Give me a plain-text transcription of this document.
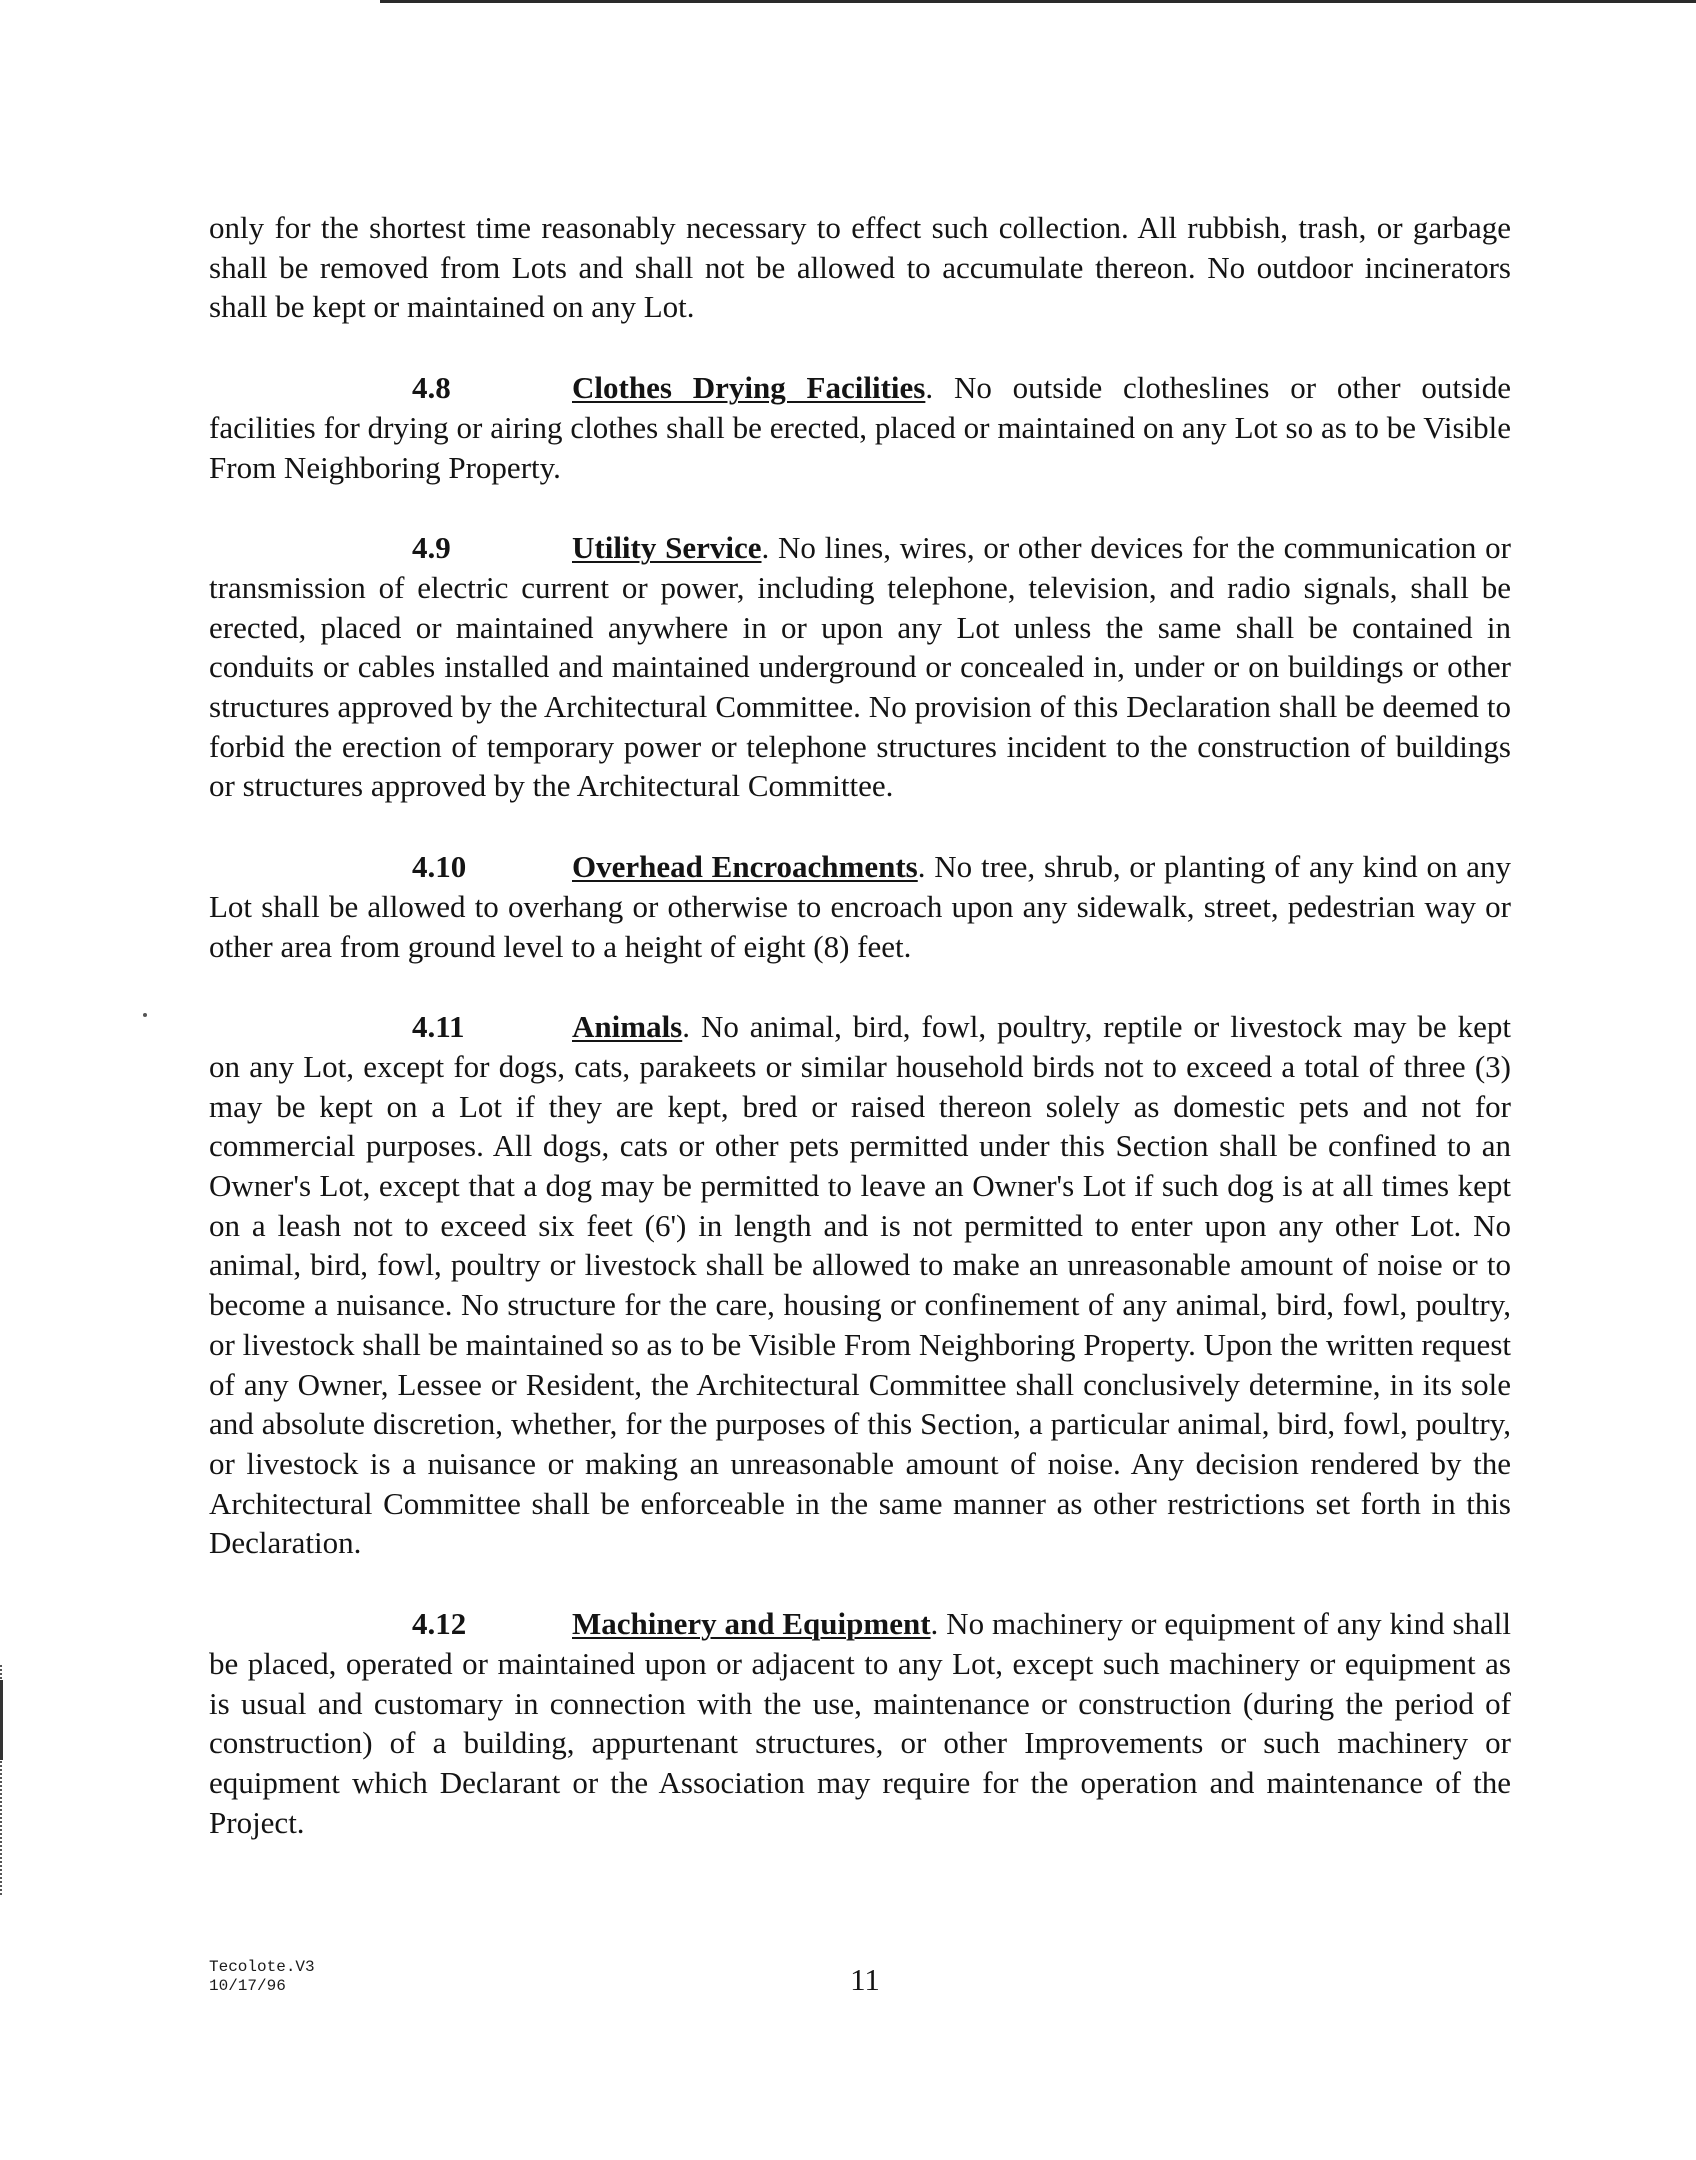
only for the shortest time reasonably necessary to effect such collection. All rubbish, trash, or garbage shall be removed from Lots and shall not be allowed to accumulate thereon. No outdoor incinerators shall be kept or maintained on any Lot.

4.8	Clothes Drying Facilities. No outside clotheslines or other outside facilities for drying or airing clothes shall be erected, placed or maintained on any Lot so as to be Visible From Neighboring Property.

4.9	Utility Service. No lines, wires, or other devices for the communication or transmission of electric current or power, including telephone, television, and radio signals, shall be erected, placed or maintained anywhere in or upon any Lot unless the same shall be contained in conduits or cables installed and maintained underground or concealed in, under or on buildings or other structures approved by the Architectural Committee. No provision of this Declaration shall be deemed to forbid the erection of temporary power or telephone structures incident to the construction of buildings or structures approved by the Architectural Committee.

4.10	Overhead Encroachments. No tree, shrub, or planting of any kind on any Lot shall be allowed to overhang or otherwise to encroach upon any sidewalk, street, pedestrian way or other area from ground level to a height of eight (8) feet.

4.11	Animals. No animal, bird, fowl, poultry, reptile or livestock may be kept on any Lot, except for dogs, cats, parakeets or similar household birds not to exceed a total of three (3) may be kept on a Lot if they are kept, bred or raised thereon solely as domestic pets and not for commercial purposes. All dogs, cats or other pets permitted under this Section shall be confined to an Owner's Lot, except that a dog may be permitted to leave an Owner's Lot if such dog is at all times kept on a leash not to exceed six feet (6') in length and is not permitted to enter upon any other Lot. No animal, bird, fowl, poultry or livestock shall be allowed to make an unreasonable amount of noise or to become a nuisance. No structure for the care, housing or confinement of any animal, bird, fowl, poultry, or livestock shall be maintained so as to be Visible From Neighboring Property. Upon the written request of any Owner, Lessee or Resident, the Architectural Committee shall conclusively determine, in its sole and absolute discretion, whether, for the purposes of this Section, a particular animal, bird, fowl, poultry, or livestock is a nuisance or making an unreasonable amount of noise. Any decision rendered by the Architectural Committee shall be enforceable in the same manner as other restrictions set forth in this Declaration.

4.12	Machinery and Equipment. No machinery or equipment of any kind shall be placed, operated or maintained upon or adjacent to any Lot, except such machinery or equipment as is usual and customary in connection with the use, maintenance or construction (during the period of construction) of a building, appurtenant structures, or other Improvements or such machinery or equipment which Declarant or the Association may require for the operation and maintenance of the Project.

Tecolote.V3
10/17/96	11
